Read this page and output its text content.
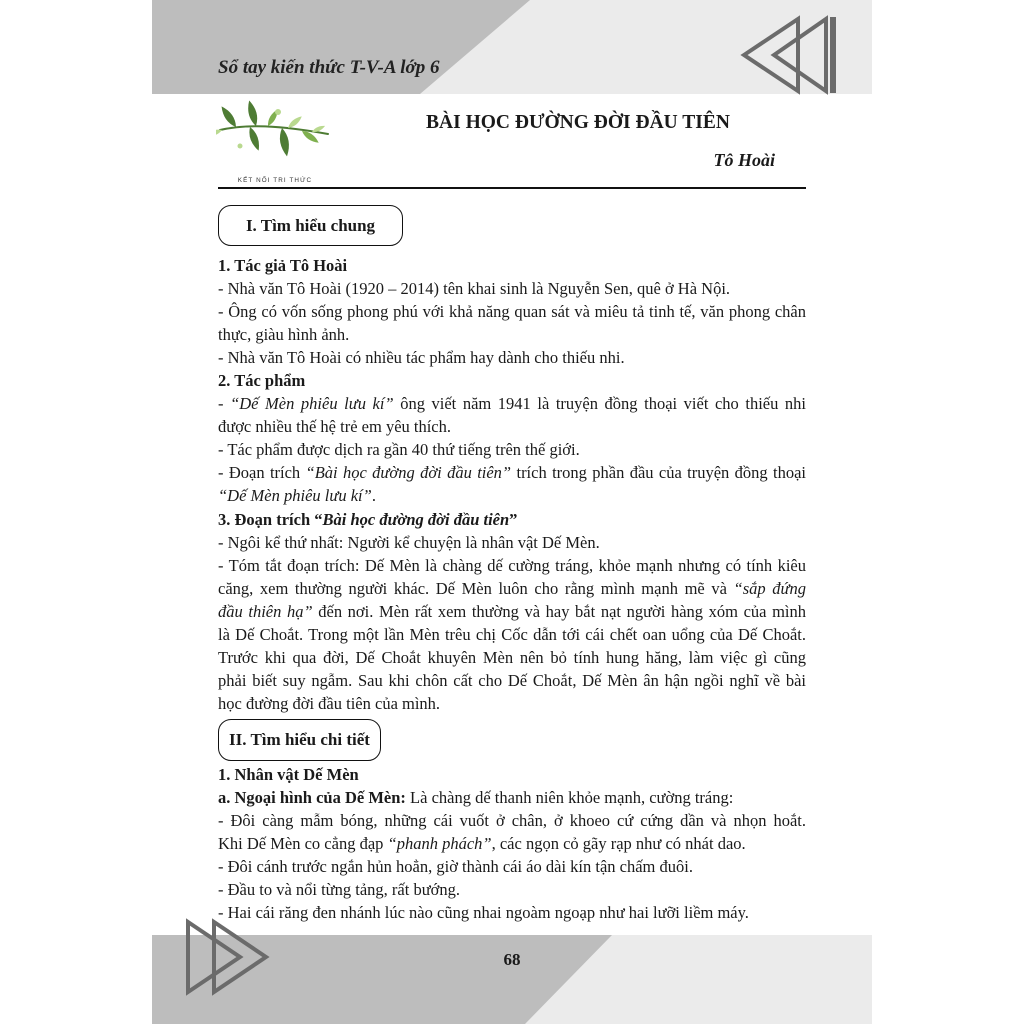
Sổ tay kiến thức T-V-A lớp 6
KẾT NỐI TRI THỨC
BÀI HỌC ĐƯỜNG ĐỜI ĐẦU TIÊN
Tô Hoài
I. Tìm hiểu chung
1. Tác giả Tô Hoài
- Nhà văn Tô Hoài (1920 – 2014) tên khai sinh là Nguyễn Sen, quê ở Hà Nội.
- Ông có vốn sống phong phú với khả năng quan sát và miêu tả tinh tế, văn phong chân
thực, giàu hình ảnh.
- Nhà văn Tô Hoài có nhiều tác phẩm hay dành cho thiếu nhi.
2. Tác phẩm
- “Dế Mèn phiêu lưu kí” ông viết năm 1941 là truyện đồng thoại viết cho thiếu nhi
được nhiều thế hệ trẻ em yêu thích.
- Tác phẩm được dịch ra gần 40 thứ tiếng trên thế giới.
- Đoạn trích “Bài học đường đời đầu tiên” trích trong phần đầu của truyện đồng thoại
“Dế Mèn phiêu lưu kí”.
3. Đoạn trích “Bài học đường đời đầu tiên”
- Ngôi kể thứ nhất: Người kể chuyện là nhân vật Dế Mèn.
- Tóm tắt đoạn trích: Dế Mèn là chàng dế cường tráng, khỏe mạnh nhưng có tính kiêu
căng, xem thường người khác. Dế Mèn luôn cho rằng mình mạnh mẽ và “sắp đứng
đầu thiên hạ” đến nơi. Mèn rất xem thường và hay bắt nạt người hàng xóm của mình
là Dế Choắt. Trong một lần Mèn trêu chị Cốc dẫn tới cái chết oan uổng của Dế Choắt.
Trước khi qua đời, Dế Choắt khuyên Mèn nên bỏ tính hung hăng, làm việc gì cũng
phải biết suy ngẫm. Sau khi chôn cất cho Dế Choắt, Dế Mèn ân hận ngồi nghĩ về bài
học đường đời đầu tiên của mình.
II. Tìm hiểu chi tiết
1. Nhân vật Dế Mèn
a. Ngoại hình của Dế Mèn: Là chàng dế thanh niên khỏe mạnh, cường tráng:
- Đôi càng mẫm bóng, những cái vuốt ở chân, ở khoeo cứ cứng dần và nhọn hoắt.
Khi Dế Mèn co cẳng đạp “phanh phách”, các ngọn cỏ gãy rạp như có nhát dao.
- Đôi cánh trước ngắn hủn hoẳn, giờ thành cái áo dài kín tận chấm đuôi.
- Đầu to và nổi từng tảng, rất bướng.
- Hai cái răng đen nhánh lúc nào cũng nhai ngoàm ngoạp như hai lưỡi liềm máy.
68
